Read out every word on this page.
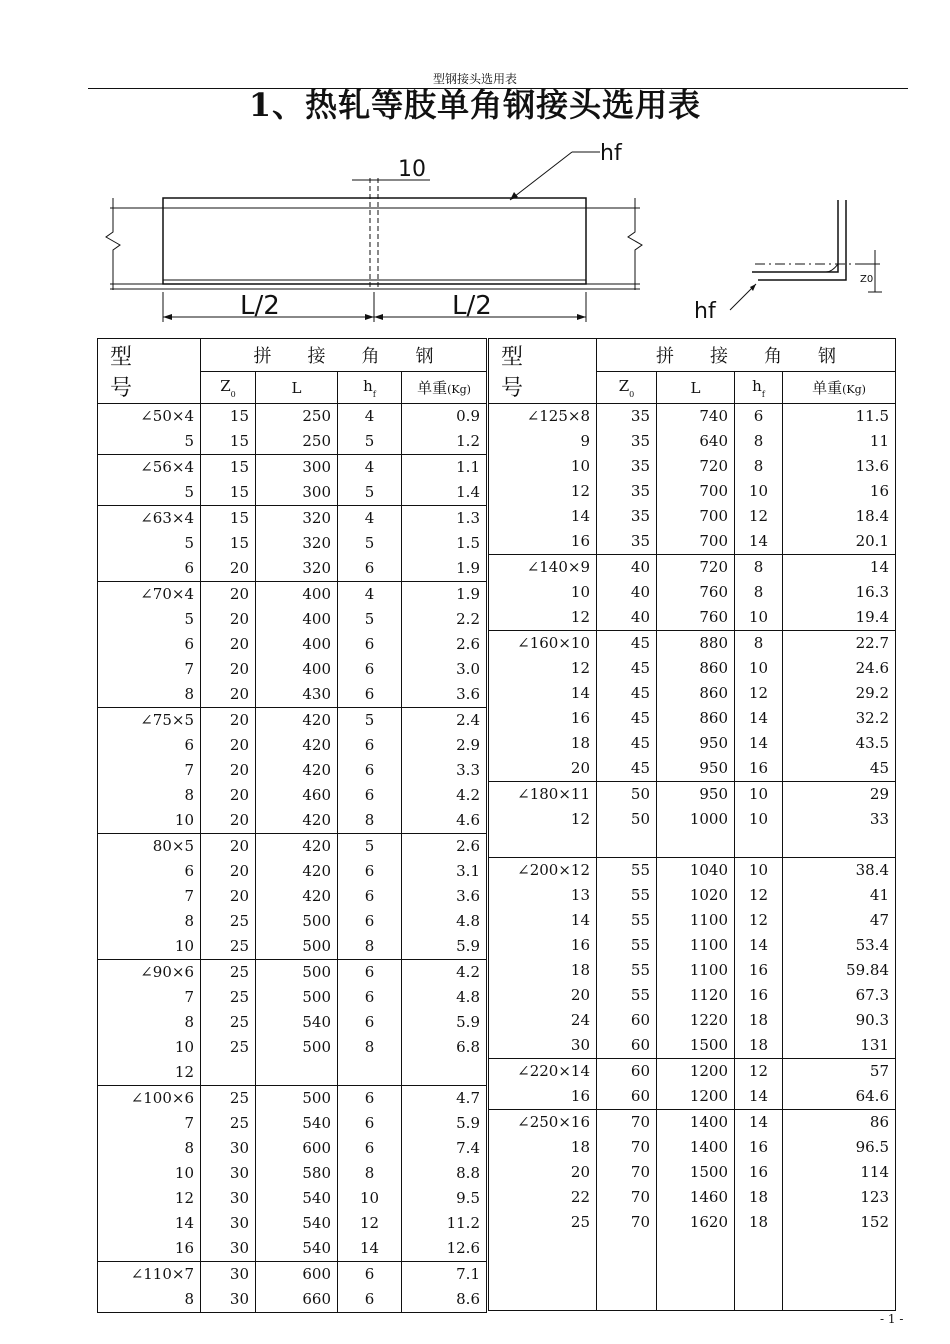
型钢接头选用表
1、热轧等肢单角钢接头选用表
10
L/2	L/2
hf
hf
Z0
型 号	拼　　接　　角　　钢			
	$Z_0$	L	$h_f$	单重(Kg)
∠50×4	15	250	4	0.9
5	15	250	5	1.2
∠56×4	15	300	4	1.1
5	15	300	5	1.4
∠63×4	15	320	4	1.3
5	15	320	5	1.5
6	20	320	6	1.9
∠70×4	20	400	4	1.9
5	20	400	5	2.2
6	20	400	6	2.6
7	20	400	6	3.0
8	20	430	6	3.6
∠75×5	20	420	5	2.4
6	20	420	6	2.9
7	20	420	6	3.3
8	20	460	6	4.2
10	20	420	8	4.6
80×5	20	420	5	2.6
6	20	420	6	3.1
7	20	420	6	3.6
8	25	500	6	4.8
10	25	500	8	5.9
∠90×6	25	500	6	4.2
7	25	500	6	4.8
8	25	540	6	5.9
10	25	500	8	6.8
12				
∠100×6	25	500	6	4.7
7	25	540	6	5.9
8	30	600	6	7.4
10	30	580	8	8.8
12	30	540	10	9.5
14	30	540	12	11.2
16	30	540	14	12.6
∠110×7	30	600	6	7.1
8	30	660	6	8.6
型 号	拼　　接　　角　　钢			
	$Z_0$	L	$h_f$	单重(Kg)
∠125×8	35	740	6	11.5
9	35	640	8	11
10	35	720	8	13.6
12	35	700	10	16
14	35	700	12	18.4
16	35	700	14	20.1
∠140×9	40	720	8	14
10	40	760	8	16.3
12	40	760	10	19.4
∠160×10	45	880	8	22.7
12	45	860	10	24.6
14	45	860	12	29.2
16	45	860	14	32.2
18	45	950	14	43.5
20	45	950	16	45
∠180×11	50	950	10	29
12	50	1000	10	33

∠200×12	55	1040	10	38.4
13	55	1020	12	41
14	55	1100	12	47
16	55	1100	14	53.4
18	55	1100	16	59.84
20	55	1120	16	67.3
24	60	1220	18	90.3
30	60	1500	18	131
∠220×14	60	1200	12	57
16	60	1200	14	64.6
∠250×16	70	1400	14	86
18	70	1400	16	96.5
20	70	1500	16	114
22	70	1460	18	123
25	70	1620	18	152

- 1 -
